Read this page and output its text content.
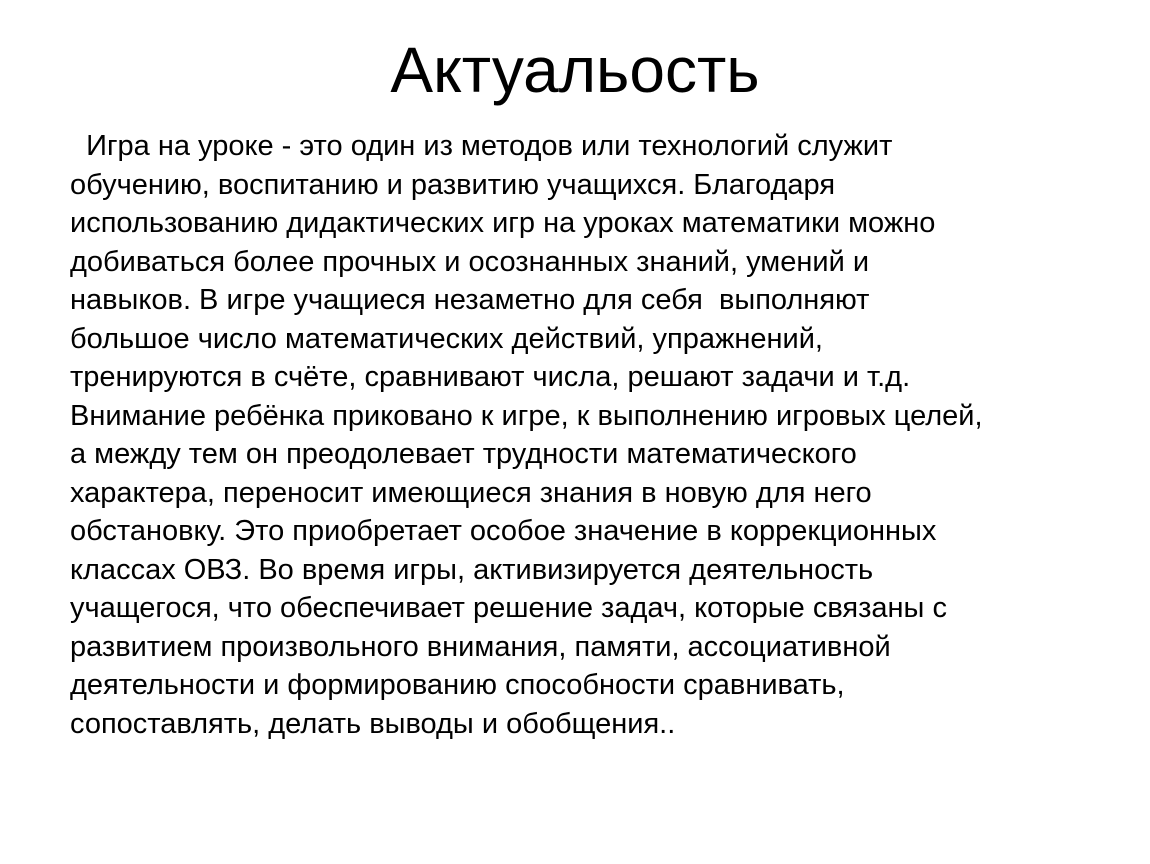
Актуальость
Игра на уроке - это один из методов или технологий служит
обучению, воспитанию и развитию учащихся. Благодаря
использованию дидактических игр на уроках математики можно
добиваться более прочных и осознанных знаний, умений и
навыков. В игре учащиеся незаметно для себя  выполняют
большое число математических действий, упражнений,
тренируются в счёте, сравнивают числа, решают задачи и т.д.
Внимание ребёнка приковано к игре, к выполнению игровых целей,
а между тем он преодолевает трудности математического
характера, переносит имеющиеся знания в новую для него
обстановку. Это приобретает особое значение в коррекционных
классах ОВЗ. Во время игры, активизируется деятельность
учащегося, что обеспечивает решение задач, которые связаны с
развитием произвольного внимания, памяти, ассоциативной
деятельности и формированию способности сравнивать,
сопоставлять, делать выводы и обобщения..
